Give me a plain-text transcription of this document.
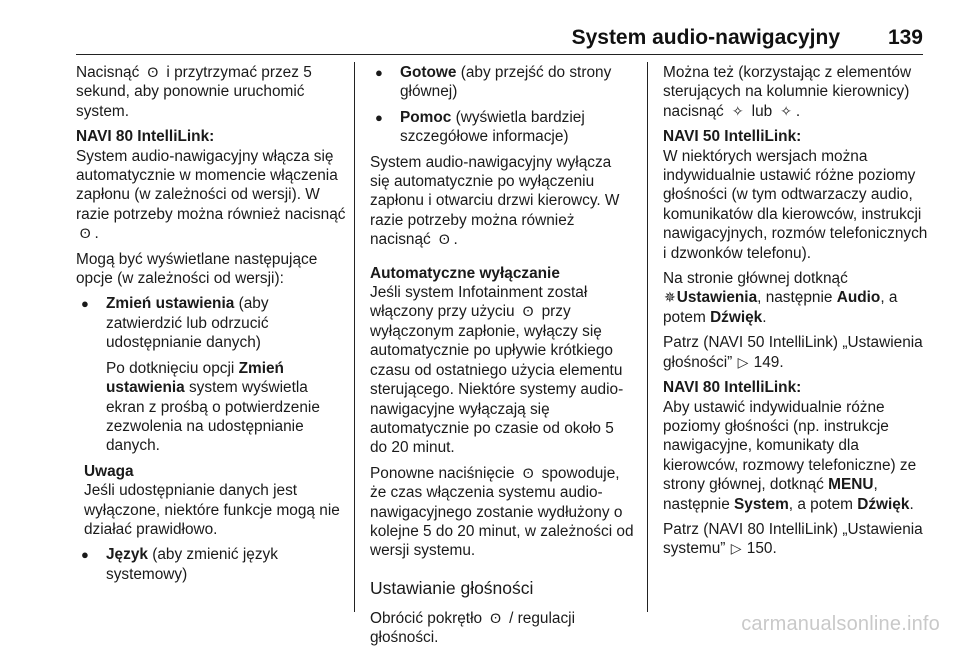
System audio-nawigacyjny 139

Nacisnąć  ʘ  i przytrzymać przez 5 sekund, aby ponownie uruchomić system.

NAVI 80 IntelliLink:

System audio-nawigacyjny włącza się automatycznie w momencie włączenia zapłonu (w zależności od wersji). W razie potrzeby można również nacisnąć  ʘ .

Mogą być wyświetlane następujące opcje (w zależności od wersji):

● Zmień ustawienia (aby zatwierdzić lub odrzucić udostępnianie danych)
Po dotknięciu opcji Zmień ustawienia system wyświetla ekran z prośbą o potwierdzenie zezwolenia na udostępnianie danych.
Uwaga
Jeśli udostępnianie danych jest wyłączone, niektóre funkcje mogą nie działać prawidłowo.
● Język (aby zmienić język systemowy)
● Gotowe (aby przejść do strony głównej)
● Pomoc (wyświetla bardziej szczegółowe informacje)

System audio-nawigacyjny wyłącza się automatycznie po wyłączeniu zapłonu i otwarciu drzwi kierowcy. W razie potrzeby można również nacisnąć  ʘ .

Automatyczne wyłączanie

Jeśli system Infotainment został włączony przy użyciu  ʘ  przy wyłączonym zapłonie, wyłączy się automatycznie po upływie krótkiego czasu od ostatniego użycia elementu sterującego. Niektóre systemy audio-nawigacyjne wyłączają się automatycznie po czasie od około 5 do 20 minut.

Ponowne naciśnięcie  ʘ  spowoduje, że czas włączenia systemu audio-nawigacyjnego zostanie wydłużony o kolejne 5 do 20 minut, w zależności od wersji systemu.

Ustawianie głośności

Obrócić pokrętło  ʘ  / regulacji głośności.

Można też (korzystając z elementów sterujących na kolumnie kierownicy) nacisnąć  ✧  lub  ✧ .

NAVI 50 IntelliLink:

W niektórych wersjach można indywidualnie ustawić różne poziomy głośności (w tym odtwarzaczy audio, komunikatów dla kierowców, instrukcji nawigacyjnych, rozmów telefonicznych i dzwonków telefonu).

Na stronie głównej dotknąć ✵Ustawienia, następnie Audio, a potem Dźwięk.

Patrz (NAVI 50 IntelliLink) „Ustawienia głośności” ▷ 149.

NAVI 80 IntelliLink:

Aby ustawić indywidualnie różne poziomy głośności (np. instrukcje nawigacyjne, komunikaty dla kierowców, rozmowy telefoniczne) ze strony głównej, dotknąć MENU, następnie System, a potem Dźwięk.

Patrz (NAVI 80 IntelliLink) „Ustawienia systemu” ▷ 150.

carmanualsonline.info
